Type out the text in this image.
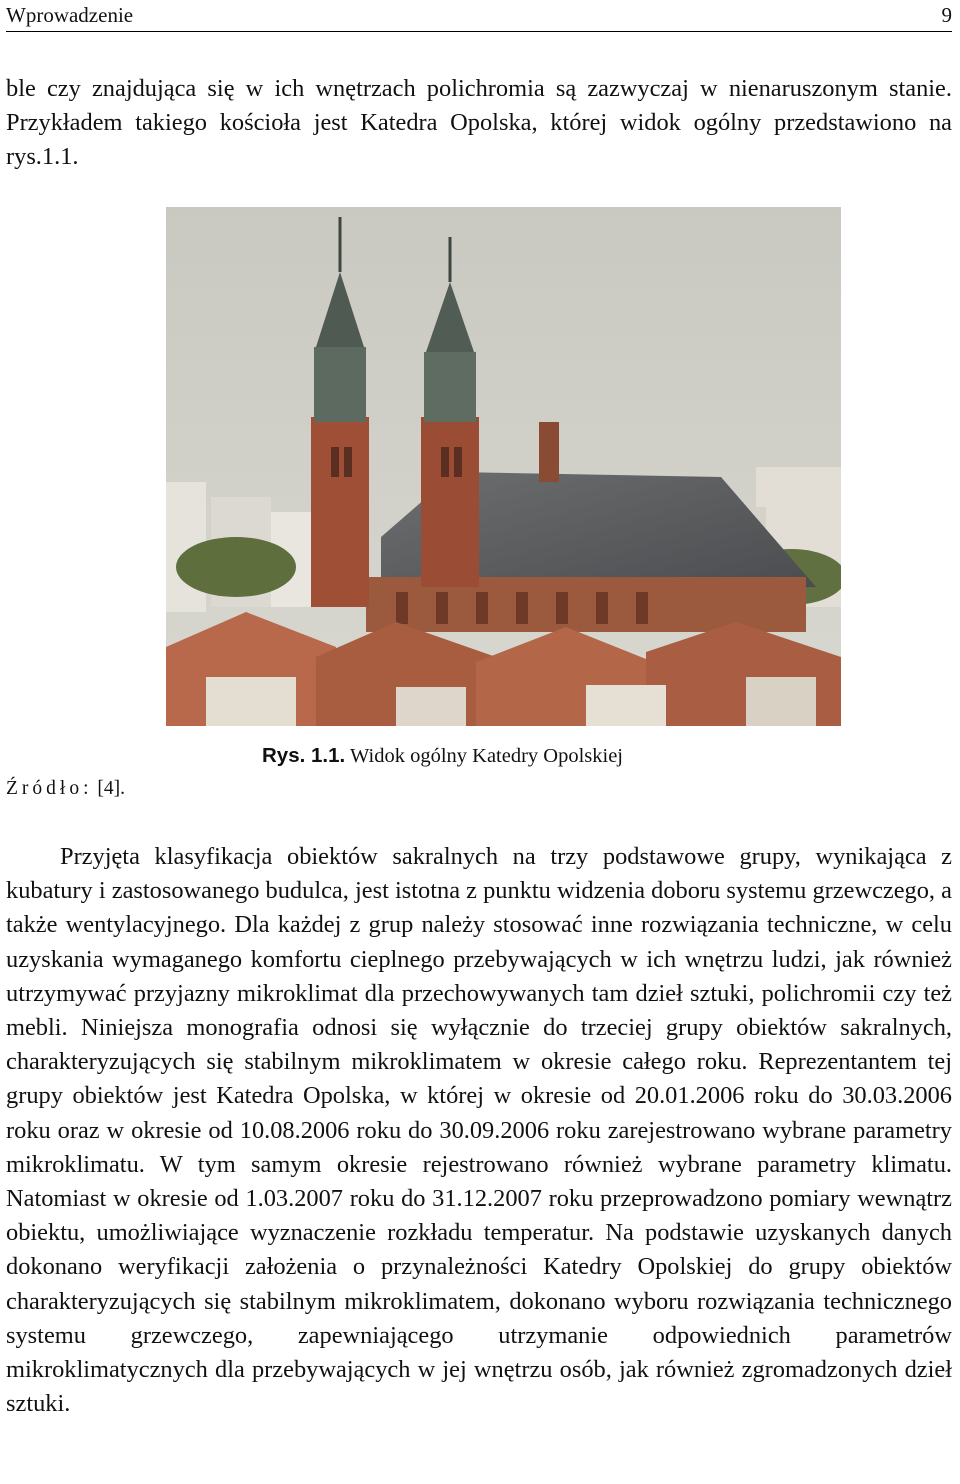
Wprowadzenie	9

ble czy znajdująca się w ich wnętrzach polichromia są zazwyczaj w nienaruszonym stanie. Przykładem takiego kościoła jest Katedra Opolska, której widok ogólny przedstawiono na rys.1.1.

Rys. 1.1. Widok ogólny Katedry Opolskiej
Źródło: [4].

Przyjęta klasyfikacja obiektów sakralnych na trzy podstawowe grupy, wynikająca z kubatury i zastosowanego budulca, jest istotna z punktu widzenia doboru systemu grzewczego, a także wentylacyjnego. Dla każdej z grup należy stosować inne rozwiązania techniczne, w celu uzyskania wymaganego komfortu cieplnego przebywających w ich wnętrzu ludzi, jak również utrzymywać przyjazny mikroklimat dla przechowywanych tam dzieł sztuki, polichromii czy też mebli. Niniejsza monografia odnosi się wyłącznie do trzeciej grupy obiektów sakralnych, charakteryzujących się stabilnym mikroklimatem w okresie całego roku. Reprezentantem tej grupy obiektów jest Katedra Opolska, w której w okresie od 20.01.2006 roku do 30.03.2006 roku oraz w okresie od 10.08.2006 roku do 30.09.2006 roku zarejestrowano wybrane parametry mikroklimatu. W tym samym okresie rejestrowano również wybrane parametry klimatu. Natomiast w okresie od 1.03.2007 roku do 31.12.2007 roku przeprowadzono pomiary wewnątrz obiektu, umożliwiające wyznaczenie rozkładu temperatur. Na podstawie uzyskanych danych dokonano weryfikacji założenia o przynależności Katedry Opolskiej do grupy obiektów charakteryzujących się stabilnym mikroklimatem, dokonano wyboru rozwiązania technicznego systemu grzewczego, zapewniającego utrzymanie odpowiednich parametrów mikroklimatycznych dla przebywających w jej wnętrzu osób, jak również zgromadzonych dzieł sztuki.
